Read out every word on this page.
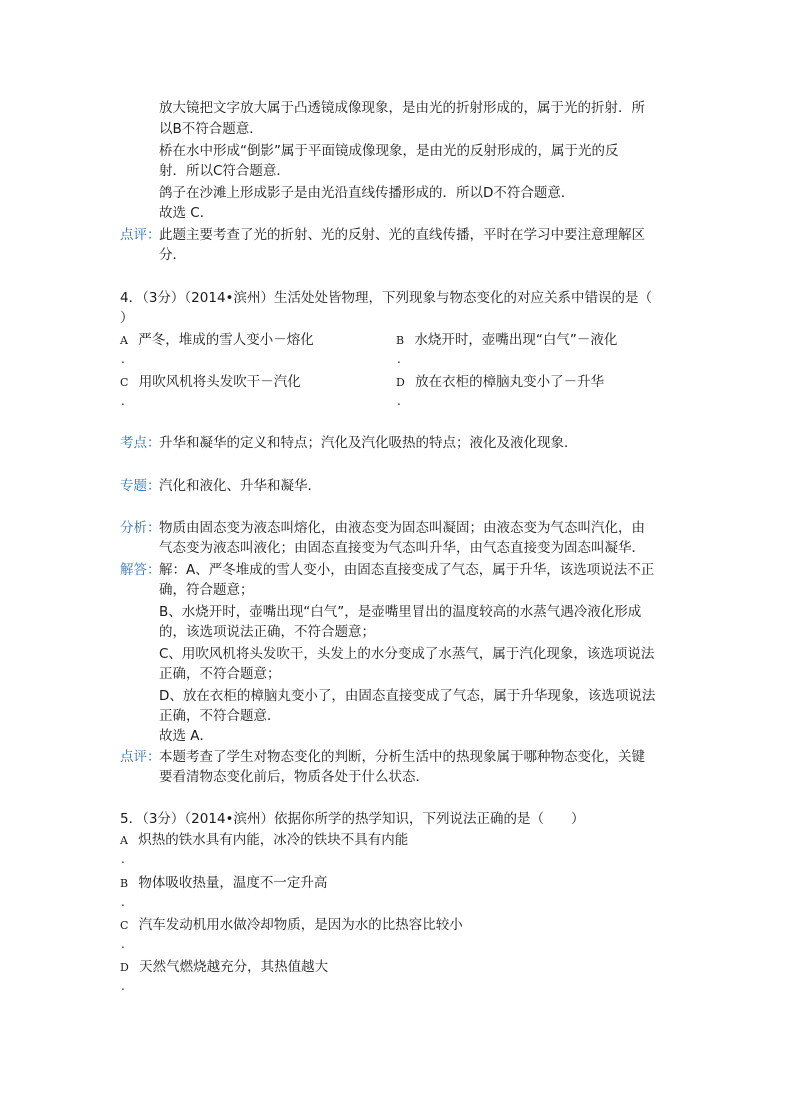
放大镜把文字放大属于凸透镜成像现象，是由光的折射形成的，属于光的折射．所
以B不符合题意．
桥在水中形成“倒影”属于平面镜成像现象，是由光的反射形成的，属于光的反
射．所以C符合题意．
鸽子在沙滩上形成影子是由光沿直线传播形成的．所以D不符合题意．
故选 C．
点评：
此题主要考查了光的折射、光的反射、光的直线传播，平时在学习中要注意理解区
分．
4．（3分）（2014•滨州）生活处处皆物理，下列现象与物态变化的对应关系中错误的是（
）
A 严冬，堆成的雪人变小－熔化
.
B 水烧开时，壶嘴出现“白气”－液化
.
C 用吹风机将头发吹干－汽化
.
D 放在衣柜的樟脑丸变小了－升华
.
考点：
升华和凝华的定义和特点；汽化及汽化吸热的特点；液化及液化现象．
专题：
汽化和液化、升华和凝华．
分析：
物质由固态变为液态叫熔化，由液态变为固态叫凝固；由液态变为气态叫汽化，由
气态变为液态叫液化；由固态直接变为气态叫升华，由气态直接变为固态叫凝华．
解答：
解：A、严冬堆成的雪人变小，由固态直接变成了气态，属于升华，该选项说法不正
确，符合题意；
B、水烧开时，壶嘴出现“白气”，是壶嘴里冒出的温度较高的水蒸气遇冷液化形成
的，该选项说法正确，不符合题意；
C、用吹风机将头发吹干，头发上的水分变成了水蒸气，属于汽化现象，该选项说法
正确，不符合题意；
D、放在衣柜的樟脑丸变小了，由固态直接变成了气态，属于升华现象，该选项说法
正确，不符合题意．
故选 A．
点评：
本题考查了学生对物态变化的判断，分析生活中的热现象属于哪种物态变化，关键
要看清物态变化前后，物质各处于什么状态．
5．（3分）（2014•滨州）依据你所学的热学知识，下列说法正确的是（　　）
A 炽热的铁水具有内能，冰冷的铁块不具有内能
.
B 物体吸收热量，温度不一定升高
.
C 汽车发动机用水做冷却物质，是因为水的比热容比较小
.
D 天然气燃烧越充分，其热值越大
.
